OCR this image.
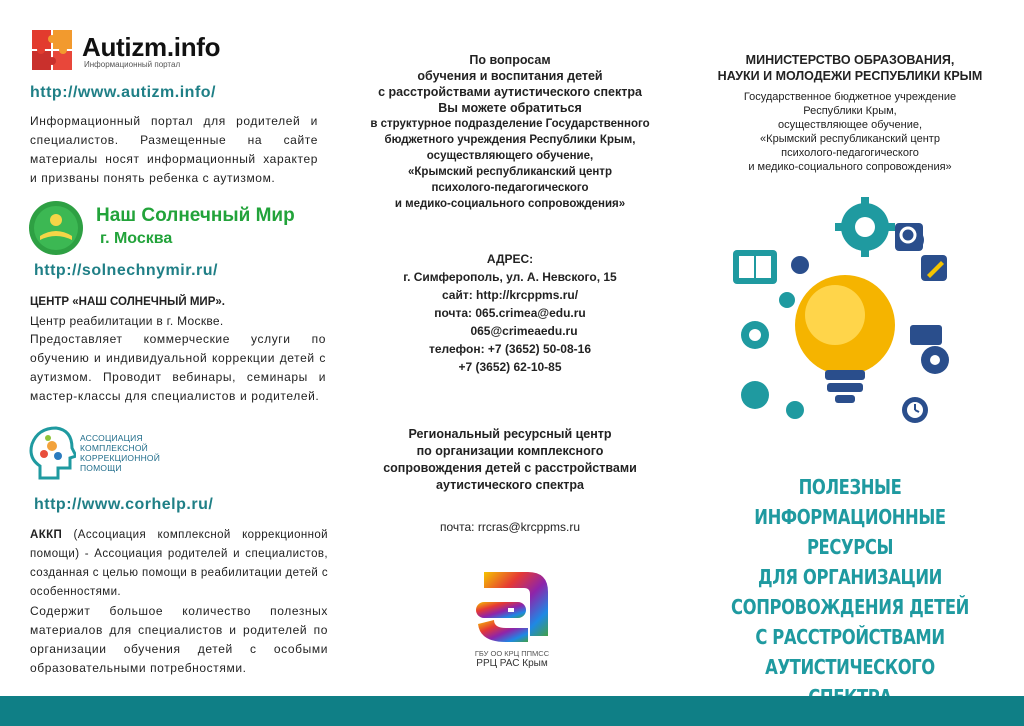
Autizm.info
Информационный портал
http://www.autizm.info/

Информационный портал для родителей и специалистов. Размещенные на сайте материалы носят информационный характер и призваны понять ребенка с аутизмом.

Наш Солнечный Мир
г. Москва
http://solnechnymir.ru/
ЦЕНТР «НАШ СОЛНЕЧНЫЙ МИР».
Центр реабилитации в г. Москве.

Предоставляет коммерческие услуги по обучению и индивидуальной коррекции детей с аутизмом. Проводит вебинары, семинары и мастер-классы для специалистов и родителей.

АССОЦИАЦИЯ
КОМПЛЕКСНОЙ
КОРРЕКЦИОННОЙ
ПОМОЩИ
http://www.corhelp.ru/

АККП (Ассоциация комплексной коррекционной помощи) - Ассоциация родителей и специалистов, созданная с целью помощи в реабилитации детей с особенностями.

Содержит большое количество полезных материалов для специалистов и родителей по организации обучения детей с особыми образовательными потребностями.

По вопросам
обучения и воспитания детей
с расстройствами аутистического спектра
Вы можете обратиться
в структурное подразделение Государственного
бюджетного учреждения Республики Крым,
осуществляющего обучение,
«Крымский республиканский центр
психолого-педагогического
и медико-социального сопровождения»

АДРЕС:

г. Симферополь, ул. А. Невского, 15

сайт: http://krcppms.ru/

почта: 065.crimea@edu.ru

065@crimeaedu.ru

телефон: +7 (3652) 50-08-16

+7 (3652) 62-10-85

Региональный ресурсный центр
по организации комплексного
сопровождения детей с расстройствами
аутистического спектра
почта: rrcras@krcppms.ru
ГБУ ОО КРЦ ППМСС
РРЦ РАС Крым
МИНИСТЕРСТВО ОБРАЗОВАНИЯ,
НАУКИ И МОЛОДЕЖИ РЕСПУБЛИКИ КРЫМ
Государственное бюджетное учреждение
Республики Крым,
осуществляющее обучение,
«Крымский республиканский центр
психолого-педагогического
и медико-социального сопровождения»
ПОЛЕЗНЫЕ
ИНФОРМАЦИОННЫЕ РЕСУРСЫ
ДЛЯ ОРГАНИЗАЦИИ
СОПРОВОЖДЕНИЯ ДЕТЕЙ
С РАССТРОЙСТВАМИ
АУТИСТИЧЕСКОГО
